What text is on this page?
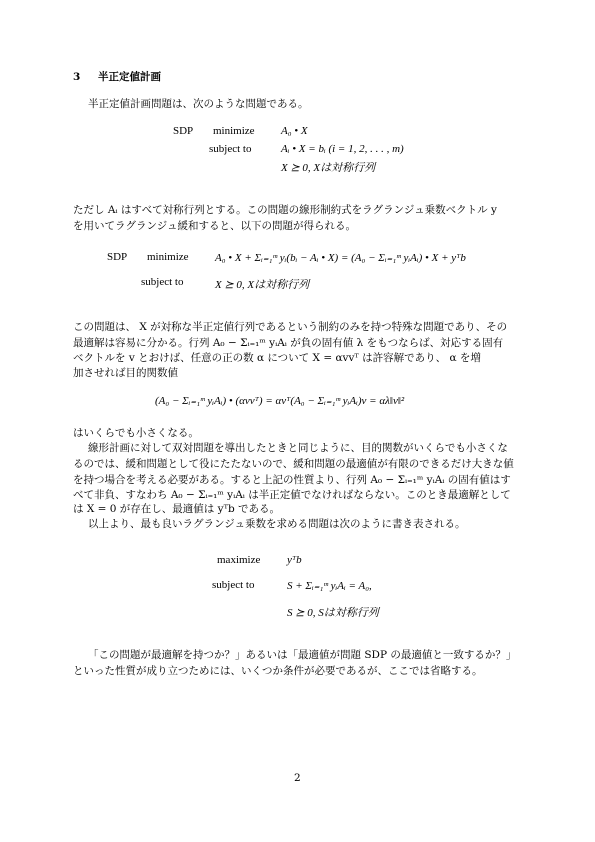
3 半正定値計画
半正定値計画問題は、次のような問題である。
SDP minimize A₀ • X
subject to	Aᵢ • X = bᵢ (i = 1, 2, . . . , m)
X ⪰ 0, Xは対称行列
ただし Aᵢ はすべて対称行列とする。この問題の線形制約式をラグランジュ乗数ベクトル y
を用いてラグランジュ緩和すると、以下の問題が得られる。
SDP minimize A₀ • X + Σᵢ₌₁ᵐ yᵢ(bᵢ − Aᵢ • X) = (A₀ − Σᵢ₌₁ᵐ yᵢAᵢ) • X + yᵀb
subject to	X ⪰ 0, Xは対称行列
この問題は、 X が対称な半正定値行列であるという制約のみを持つ特殊な問題であり、その
最適解は容易に分かる。行列 A₀ − Σᵢ₌₁ᵐ yᵢAᵢ が負の固有値 λ をもつならば、対応する固有
ベクトルを v とおけば、任意の正の数 α について X = αvvᵀ は許容解であり、 α を増
加させれば目的関数値
(A₀ − Σᵢ₌₁ᵐ yᵢAᵢ) • (αvvᵀ) = αvᵀ(A₀ − Σᵢ₌₁ᵐ yᵢAᵢ)v = αλ‖v‖²
はいくらでも小さくなる。
線形計画に対して双対問題を導出したときと同じように、目的関数がいくらでも小さくな
るのでは、緩和問題として役にたたないので、緩和問題の最適値が有限のできるだけ大きな値
を持つ場合を考える必要がある。すると上記の性質より、行列 A₀ − Σᵢ₌₁ᵐ yᵢAᵢ の固有値はす
べて非負、すなわち A₀ − Σᵢ₌₁ᵐ yᵢAᵢ は半正定値でなければならない。このとき最適解として
は X = 0 が存在し、最適値は yᵀb である。
以上より、最も良いラグランジュ乗数を求める問題は次のように書き表される。
maximize yᵀb
subject to	S + Σᵢ₌₁ᵐ yᵢAᵢ = A₀,
S ⪰ 0, Sは対称行列
「この問題が最適解を持つか？」あるいは「最適値が問題 SDP の最適値と一致するか？」
といった性質が成り立つためには、いくつか条件が必要であるが、ここでは省略する。
2
